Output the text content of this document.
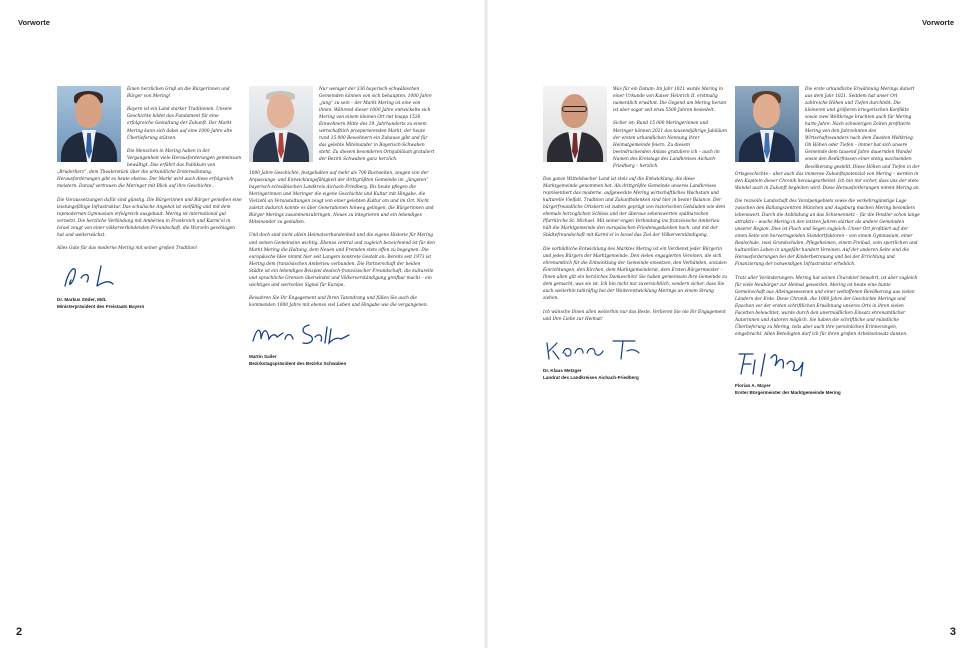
Vorworte	Vorworte

Einen herzlichen Gruß an die Bürgerinnen und Bürger von Mering!

Bayern ist ein Land starker Traditionen. Unsere Geschichte bildet das Fundament für eine erfolgreiche Gestaltung der Zukunft. Der Markt Mering kann sich dabei auf eine 1000 Jahre alte Überlieferung stützen.

Die Menschen in Mering haben in der Vergangenheit viele Herausforderungen gemeinsam bewältigt. Das erfährt das Publikum von „Bruderherz“, dem Theaterstück über die urkundliche Ersterwähnung. Herausforderungen gibt es heute ebenso. Der Markt wird auch diese erfolgreich meistern. Darauf vertrauen die Meringer mit Blick auf ihre Geschichte.

Die Voraussetzungen dafür sind günstig. Die Bürgerinnen und Bürger genießen eine leistungsfähige Infrastruktur. Das schulische Angebot ist vielfältig und mit dem topmodernen Gymnasium erfolgreich ausgebaut. Mering ist international gut vernetzt. Die herzliche Verbindung mit Ambérieu in Frankreich und Karmi’el in Israel zeugt von einer völkerverbindenden Freundschaft, die Wurzeln geschlagen hat und weiterwächst.

Alles Gute für das moderne Mering mit seiner großen Tradition!

Dr. Markus Söder, MdL
Ministerpräsident des Freistaats Bayern

Nur weniger der 336 bayerisch-schwäbischen Gemeinden können von sich behaupten, 1000 Jahre „jung“ zu sein – der Markt Mering ist eine von ihnen. Während dieser 1000 Jahre entwickelte sich Mering von einem kleinen Ort mit knapp 1530 Einwohnern Mitte des 19. Jahrhunderts zu einem wirtschaftlich prosperierenden Markt, der heute rund 15 000 Bewohnern ein Zuhause gibt und für das gelebte Miteinander in Bayerisch-Schwaben steht. Zu diesem besonderen Ortsjubiläum gratuliert der Bezirk Schwaben ganz herzlich.

1000 Jahre Geschichte, festgehalten auf mehr als 700 Buchseiten, zeugen von der Anpassungs- und Entwicklungsfähigkeit der drittgrößten Gemeinde im „jüngsten“ bayerisch-schwäbischen Landkreis Aichach-Friedberg. Bis heute pflegen die Meringerinnen und Meringer die eigene Geschichte und Kultur mit Hingabe, die Vielzahl an Veranstaltungen zeugt von einer gelebten Kultur am und im Ort. Nicht zuletzt dadurch konnte es über Generationen hinweg gelingen, die Bürgerinnen und Bürger Merings zusammenzubringen, Neues zu integrieren und ein lebendiges Miteinander zu gestalten.

Und doch sind nicht allein Heimatverbundenheit und die eigene Historie für Mering und seinen Gemeinsinn wichtig. Ebenso zentral und zugleich bezeichnend ist für den Markt Mering die Haltung, dem Neuen und Fremden stets offen zu begegnen. Die europäische Idee nimmt hier seit Langem konkrete Gestalt an: Bereits seit 1973 ist Mering dem französischen Ambérieu verbunden. Die Partnerschaft der beiden Städte ist ein lebendiges Beispiel deutsch-französischer Freundschaft, die kulturelle und sprachliche Grenzen überwindet und Völkerverständigung greifbar macht – ein wichtiges und wertvolles Signal für Europa.

Bewahren Sie Ihr Engagement und Ihren Tatendrang und füllen Sie auch die kommenden 1000 Jahre mit ebenso viel Leben und Hingabe wie die vergangenen.

Martin Sailer
Bezirkstagspräsident des Bezirks Schwaben

Was für ein Datum: Im Jahr 1021 wurde Mering in einer Urkunde von Kaiser Heinrich II. erstmalig namentlich erwähnt. Die Gegend um Mering herum ist aber sogar seit etwa 5500 Jahren besiedelt.

Sicher ist: Rund 15 000 Meringerinnen und Meringer können 2021 das tausendjährige Jubiläum der ersten urkundlichen Nennung ihrer Heimatgemeinde feiern. Zu diesem beeindruckenden Anlass gratuliere ich – auch im Namen des Kreistags des Landkreises Aichach-Friedberg – herzlich.

Das ganze Wittelsbacher Land ist stolz auf die Entwicklung, die diese Marktgemeinde genommen hat. Als drittgrößte Gemeinde unseres Landkreises repräsentiert das moderne, aufgeweckte Mering wirtschaftliches Wachstum und kulturelle Vielfalt. Tradition und Zukunftsdenken sind hier in bester Balance. Der bürgerfreundliche Ortskern ist zudem geprägt von historischen Gebäuden wie dem ehemals herzoglichen Schloss und der überaus sehenswerten spätbarocken Pfarrkirche St. Michael. Mit seiner engen Verbindung ins französische Ambérieu hält die Marktgemeinde den europäischen Friedensgedanken hoch, und mit der Städtefreundschaft mit Karmi’el in Israel das Ziel der Völkerverständigung.

Die vorbildliche Entwicklung des Marktes Mering ist ein Verdienst jeder Bürgerin und jedes Bürgers der Marktgemeinde. Den vielen engagierten Vereinen, die sich ehrenamtlich für die Entwicklung der Gemeinde einsetzen, den Verbänden, sozialen Einrichtungen, den Kirchen, dem Marktgemeinderat, dem Ersten Bürgermeister – Ihnen allen gilt ein herzliches Dankeschön! Sie haben gemeinsam Ihre Gemeinde zu dem gemacht, was sie ist. Ich bin nicht nur zuversichtlich, sondern sicher, dass Sie auch weiterhin tatkräftig bei der Weiterentwicklung Merings an einem Strang ziehen.

Ich wünsche Ihnen allen weiterhin nur das Beste. Verlieren Sie nie Ihr Engagement und Ihre Liebe zur Heimat!

Dr. Klaus Metzger
Landrat des Landkreises Aichach-Friedberg

Die erste urkundliche Erwähnung Merings datiert aus dem Jahr 1021. Seitdem hat unser Ort zahlreiche Höhen und Tiefen durchlebt. Die kleineren und größeren kriegerischen Konflikte sowie zwei Weltkriege brachten auch für Mering harte Jahre. Nach schwierigen Zeiten profitierte Mering von den Jahrzehnten des Wirtschaftswunders nach dem Zweiten Weltkrieg. Ob Höhen oder Tiefen – immer hat sich unsere Gemeinde dem tausend Jahre dauernden Wandel sowie den Bedürfnissen einer stetig wachsenden Bevölkerung gestellt. Diese Höhen und Tiefen in der Ortsgeschichte – aber auch das immense Zukunftspotenzial von Mering – werden in den Kapiteln dieser Chronik herausgearbeitet. Ich bin mir sicher, dass uns der stete Wandel auch in Zukunft begleiten wird. Diese Herausforderungen nimmt Mering an.

Die reizvolle Landschaft des Voralpengebiets sowie die verkehrsgünstige Lage zwischen den Ballungszentren München und Augsburg machen Mering besonders lebenswert. Durch die Anbindung an das Schienennetz – für die Pendler schon lange attraktiv – wuchs Mering in den letzten Jahren stärker als andere Gemeinden unserer Region. Dies ist Fluch und Segen zugleich: Unser Ort profitiert auf der einen Seite von hervorragenden Standortfaktoren – von einem Gymnasium, einer Realschule, zwei Grundschulen, Pflegeheimen, einem Freibad, vom sportlichen und kulturellen Leben in ungefähr hundert Vereinen. Auf der anderen Seite sind die Herausforderungen bei der Kinderbetreuung und bei der Errichtung und Finanzierung der notwendigen Infrastruktur erheblich.

Trotz aller Veränderungen: Mering hat seinen Charakter bewahrt, ist aber zugleich für viele Neubürger zur Heimat geworden. Mering ist heute eine bunte Gemeinschaft aus Alteingesessenen und einer weltoffenen Bevölkerung aus vielen Ländern der Erde. Diese Chronik, die 1000 Jahre der Geschichte Merings und Epochen vor der ersten schriftlichen Erwähnung unseres Orts in ihren vielen Facetten beleuchtet, wurde durch den unermüdlichen Einsatz ehrenamtlicher Autorinnen und Autoren möglich. Sie haben die schriftliche und mündliche Überlieferung zu Mering, teils aber auch ihre persönlichen Erinnerungen, eingebracht. Allen Beteiligten darf ich für ihren großen Arbeitseinsatz danken.

Florian A. Mayer
Erster Bürgermeister der Marktgemeinde Mering
2	3
